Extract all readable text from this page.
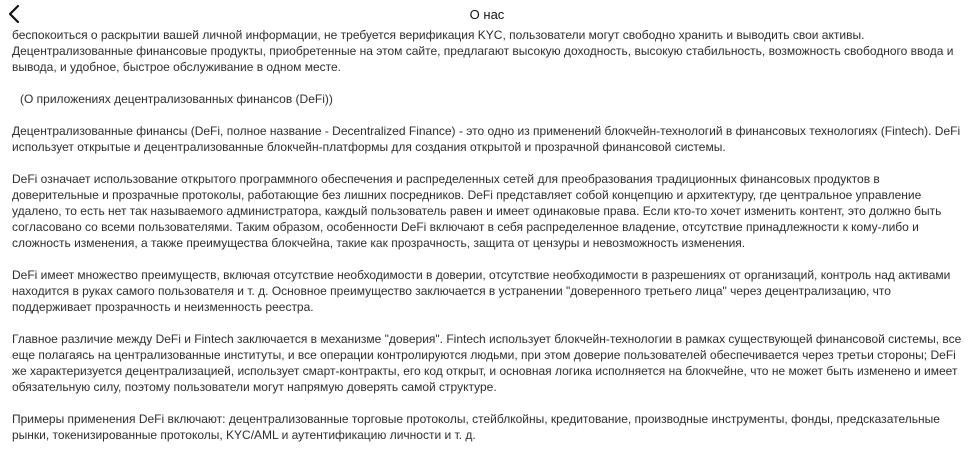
О нас

беспокоиться о раскрытии вашей личной информации, не требуется верификация KYC, пользователи могут свободно хранить и выводить свои активы. Децентрализованные финансовые продукты, приобретенные на этом сайте, предлагают высокую доходность, высокую стабильность, возможность свободного ввода и вывода, и удобное, быстрое обслуживание в одном месте.

(О приложениях децентрализованных финансов (DeFi))

Децентрализованные финансы (DeFi, полное название - Decentralized Finance) - это одно из применений блокчейн-технологий в финансовых технологиях (Fintech). DeFi использует открытые и децентрализованные блокчейн-платформы для создания открытой и прозрачной финансовой системы.

DeFi означает использование открытого программного обеспечения и распределенных сетей для преобразования традиционных финансовых продуктов в доверительные и прозрачные протоколы, работающие без лишних посредников. DeFi представляет собой концепцию и архитектуру, где центральное управление удалено, то есть нет так называемого администратора, каждый пользователь равен и имеет одинаковые права. Если кто-то хочет изменить контент, это должно быть согласовано со всеми пользователями. Таким образом, особенности DeFi включают в себя распределенное владение, отсутствие принадлежности к кому-либо и сложность изменения, а также преимущества блокчейна, такие как прозрачность, защита от цензуры и невозможность изменения.

DeFi имеет множество преимуществ, включая отсутствие необходимости в доверии, отсутствие необходимости в разрешениях от организаций, контроль над активами находится в руках самого пользователя и т. д. Основное преимущество заключается в устранении "доверенного третьего лица" через децентрализацию, что поддерживает прозрачность и неизменность реестра.

Главное различие между DeFi и Fintech заключается в механизме "доверия". Fintech использует блокчейн-технологии в рамках существующей финансовой системы, все еще полагаясь на централизованные институты, и все операции контролируются людьми, при этом доверие пользователей обеспечивается через третьи стороны; DeFi же характеризуется децентрализацией, использует смарт-контракты, его код открыт, и основная логика исполняется на блокчейне, что не может быть изменено и имеет обязательную силу, поэтому пользователи могут напрямую доверять самой структуре.

Примеры применения DeFi включают: децентрализованные торговые протоколы, стейблкойны, кредитование, производные инструменты, фонды, предсказательные рынки, токенизированные протоколы, KYC/AML и аутентификацию личности и т. д.
